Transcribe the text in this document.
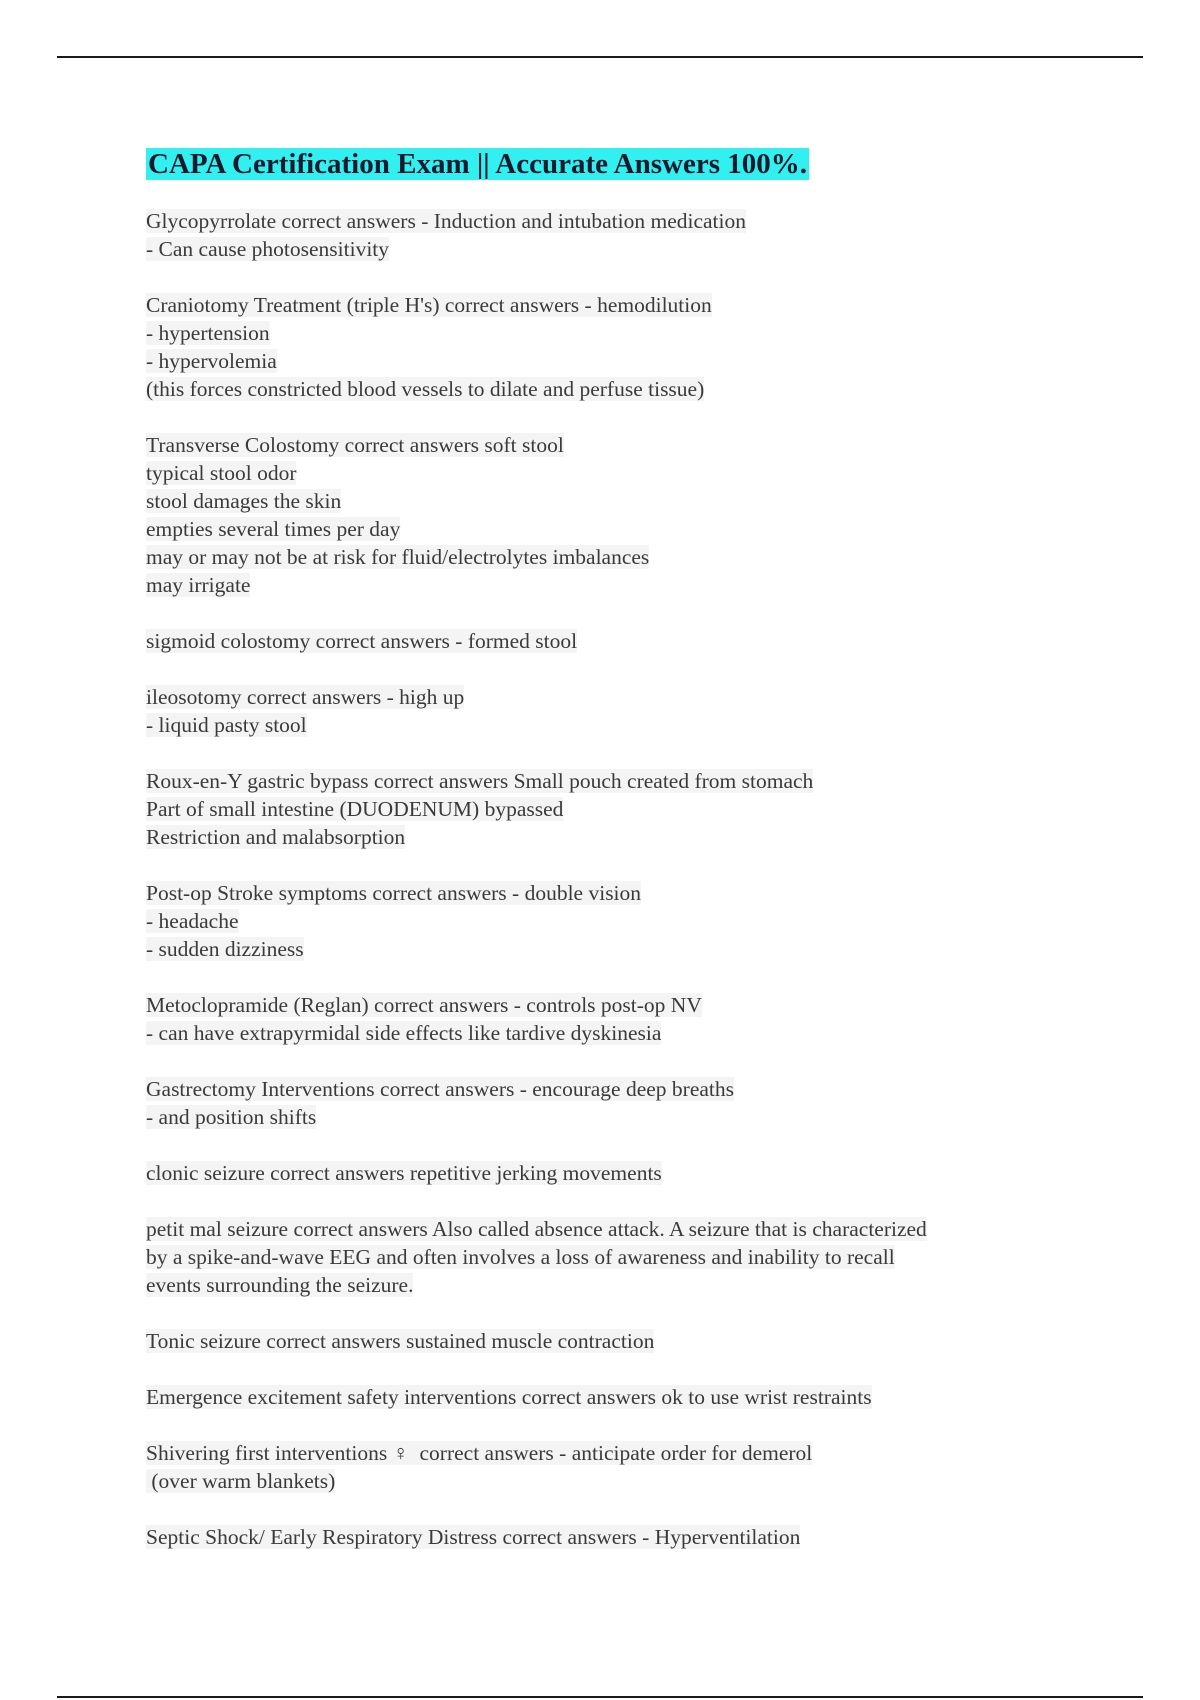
CAPA Certification Exam || Accurate Answers 100%.
Glycopyrrolate correct answers - Induction and intubation medication
- Can cause photosensitivity
Craniotomy Treatment (triple H's) correct answers - hemodilution
- hypertension
- hypervolemia
(this forces constricted blood vessels to dilate and perfuse tissue)
Transverse Colostomy correct answers soft stool
typical stool odor
stool damages the skin
empties several times per day
may or may not be at risk for fluid/electrolytes imbalances
may irrigate
sigmoid colostomy correct answers - formed stool
ileosotomy correct answers - high up
- liquid pasty stool
Roux-en-Y gastric bypass correct answers Small pouch created from stomach
Part of small intestine (DUODENUM) bypassed
Restriction and malabsorption
Post-op Stroke symptoms correct answers - double vision
- headache
- sudden dizziness
Metoclopramide (Reglan) correct answers - controls post-op NV
- can have extrapyrmidal side effects like tardive dyskinesia
Gastrectomy Interventions correct answers - encourage deep breaths
- and position shifts
clonic seizure correct answers repetitive jerking movements
petit mal seizure correct answers Also called absence attack. A seizure that is characterized
by a spike-and-wave EEG and often involves a loss of awareness and inability to recall
events surrounding the seizure.
Tonic seizure correct answers sustained muscle contraction
Emergence excitement safety interventions correct answers ok to use wrist restraints
Shivering first interventions ♀  correct answers - anticipate order for demerol
(over warm blankets)
Septic Shock/ Early Respiratory Distress correct answers - Hyperventilation
